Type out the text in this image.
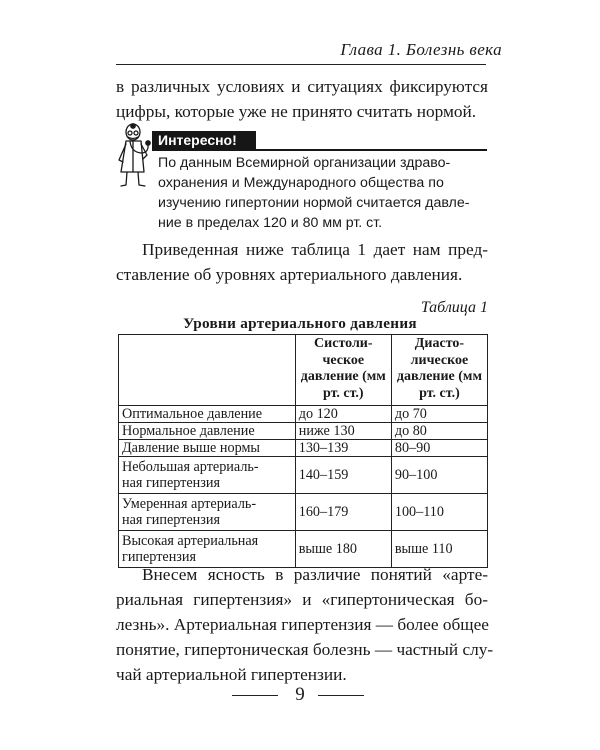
Глава 1. Болезнь века

в различных условиях и ситуациях фиксируются
цифры, которые уже не принято считать нормой.

Интересно!
По данным Всемирной организации здраво-
охранения и Международного общества по
изучению гипертонии нормой считается давле-
ние в пределах 120 и 80 мм рт. ст.

Приведенная ниже таблица 1 дает нам пред-
ставление об уровнях артериального давления.

Таблица 1
Уровни артериального давления
	Систоли- ческое давление (мм рт. ст.)	Диасто- лическое давление (мм рт. ст.)
Оптимальное давление	до 120	до 70
Нормальное давление	ниже 130	до 80
Давление выше нормы	130–139	80–90

Небольшая артериаль-
ная гипертензия	140–159	90–100

Умеренная артериаль-
ная гипертензия	160–179	100–110

Высокая артериальная
гипертензия	выше 180	выше 110

Внесем ясность в различие понятий «арте-
риальная гипертензия» и «гипертоническая бо-
лезнь». Артериальная гипертензия — более общее
понятие, гипертоническая болезнь — частный слу-
чай артериальной гипертензии.

9
